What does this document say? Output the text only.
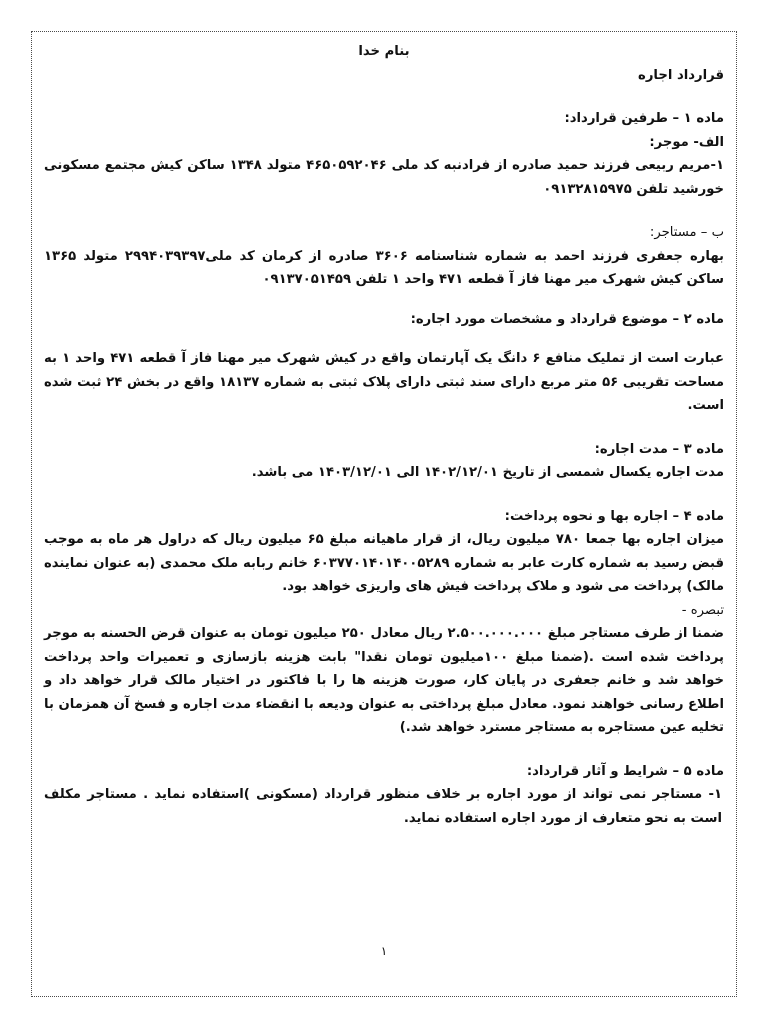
بنام خدا
قرارداد اجاره
ماده ۱ – طرفین قرارداد:
الف- موجر:

۱-مریم ربیعی فرزند حمید صادره از فرادنبه کد ملی ۴۶۵۰۵۹۲۰۴۶ متولد ۱۳۴۸ ساکن کیش مجتمع مسکونی خورشید تلفن ۰۹۱۳۲۸۱۵۹۷۵

ب – مستاجر:

بهاره جعفری فرزند احمد به شماره شناسنامه ۳۶۰۶ صادره از کرمان کد ملی۲۹۹۴۰۳۹۳۹۷ متولد ۱۳۶۵ ساکن کیش شهرک میر مهنا فاز آ قطعه ۴۷۱ واحد ۱ تلفن ۰۹۱۳۷۰۵۱۴۵۹

ماده ۲ – موضوع قرارداد و مشخصات مورد اجاره:

عبارت است از تملیک منافع ۶ دانگ یک آپارتمان واقع در کیش شهرک میر مهنا فاز آ قطعه ۴۷۱ واحد ۱ به مساحت تقریبی ۵۶ متر مربع دارای سند ثبتی دارای پلاک ثبتی به شماره ۱۸۱۳۷ واقع در بخش ۲۴ ثبت شده است.

ماده ۳ – مدت اجاره:

مدت اجاره یکسال شمسی از تاریخ ۱۴۰۲/۱۲/۰۱ الی ۱۴۰۳/۱۲/۰۱ می باشد.

ماده ۴ – اجاره بها و نحوه پرداخت:

میزان اجاره بها جمعا ۷۸۰ میلیون ریال، از قرار ماهیانه مبلغ ۶۵ میلیون ریال که دراول هر ماه به موجب قبض رسید به شماره کارت عابر به شماره ۶۰۳۷۷۰۱۴۰۱۴۰۰۵۲۸۹ خانم ربابه ملک محمدی (به عنوان نماینده مالک) پرداخت می شود و ملاک پرداخت فیش های واریزی خواهد بود.

تبصره -

ضمنا از طرف مستاجر مبلغ ۲.۵۰۰.۰۰۰.۰۰۰ ریال معادل ۲۵۰ میلیون تومان به عنوان قرض الحسنه به موجر پرداخت شده است .(ضمنا مبلغ ۱۰۰میلیون تومان نقدا" بابت هزینه بازسازی و تعمیرات واحد پرداخت خواهد شد و خانم جعفری در پایان کار، صورت هزینه ها را با فاکتور در اختیار مالک قرار خواهد داد و اطلاع رسانی خواهند نمود. معادل مبلغ پرداختی به عنوان ودیعه با انقضاء مدت اجاره و فسخ آن همزمان با تخلیه عین مستاجره به مستاجر مسترد خواهد شد.)

ماده ۵ – شرایط و آثار قرارداد:

۱- مستاجر نمی تواند از مورد اجاره بر خلاف منظور قرارداد (مسکونی )استفاده نماید . مستاجر مکلف است به نحو متعارف از مورد اجاره استفاده نماید.

۱
